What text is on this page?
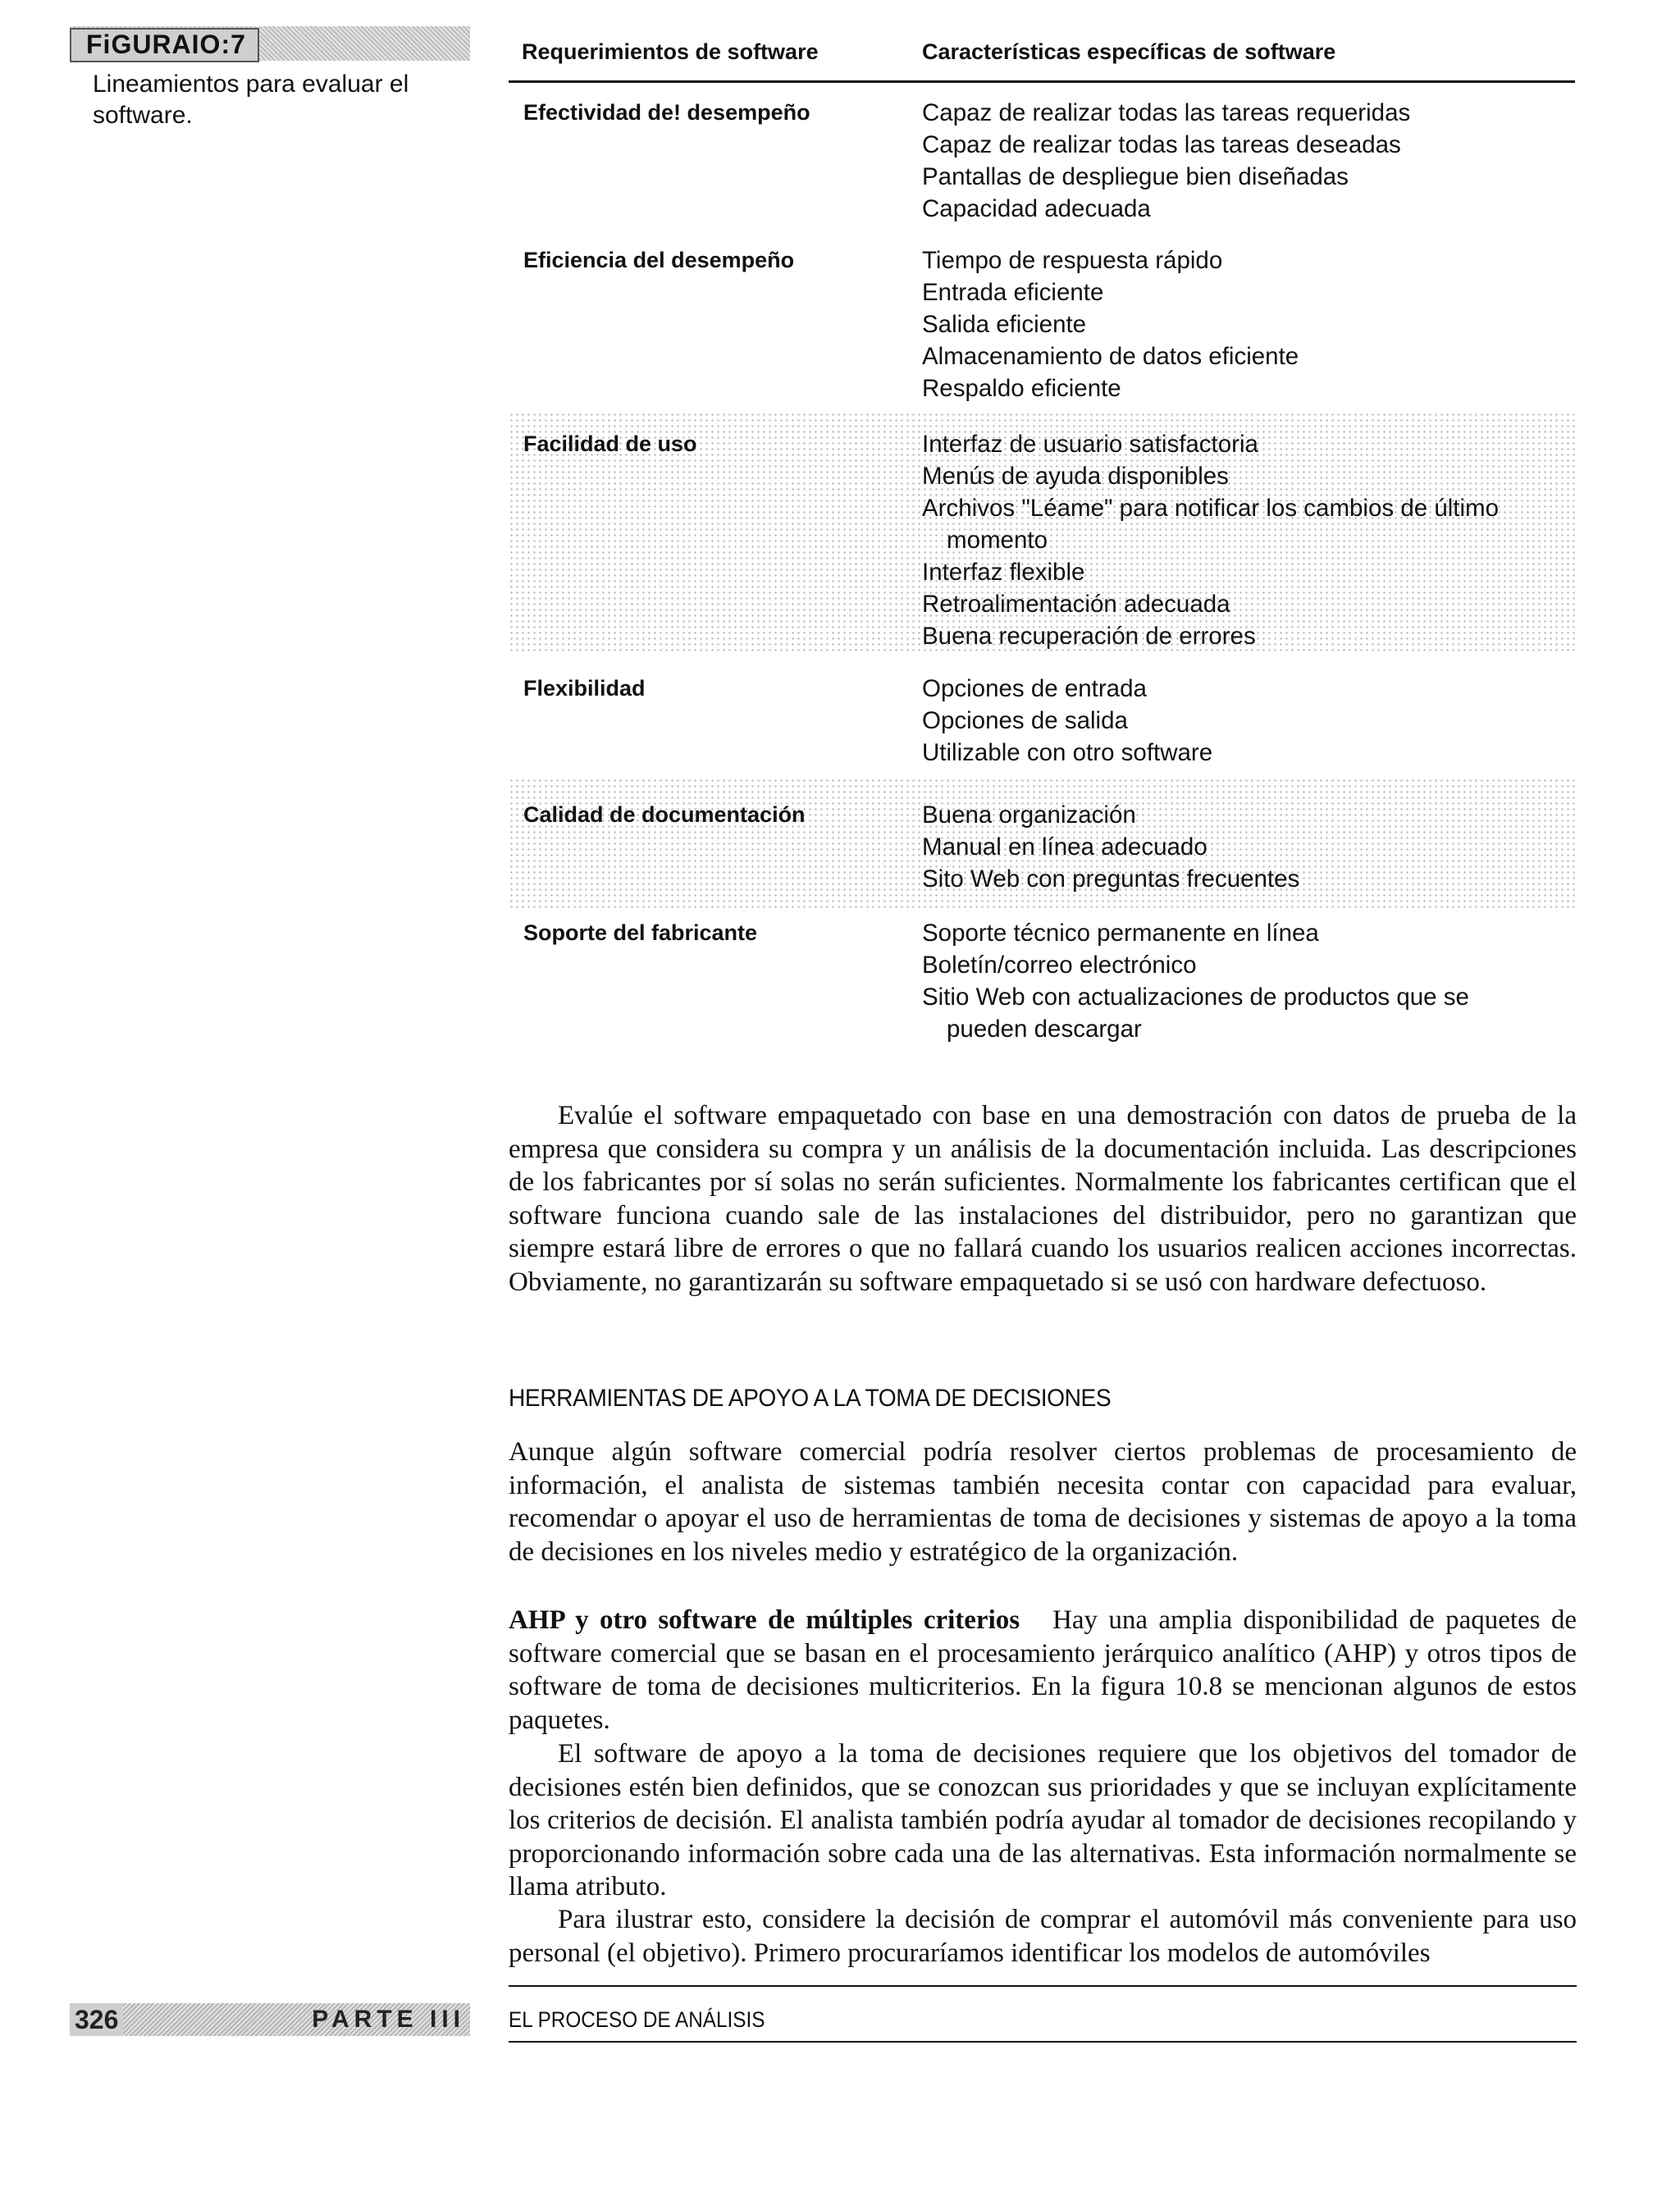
FiGURAIO:7
Lineamientos para evaluar el software.
Requerimientos de software	Características específicas de software
Efectividad de! desempeño	Capaz de realizar todas las tareas requeridas
Capaz de realizar todas las tareas deseadas
Pantallas de despliegue bien diseñadas
Capacidad adecuada
Eficiencia del desempeño	Tiempo de respuesta rápido
Entrada eficiente
Salida eficiente
Almacenamiento de datos eficiente
Respaldo eficiente
Facilidad de uso	Interfaz de usuario satisfactoria
Menús de ayuda disponibles
Archivos "Léame" para notificar los cambios de último
momento
Interfaz flexible
Retroalimentación adecuada
Buena recuperación de errores
Flexibilidad	Opciones de entrada
Opciones de salida
Utilizable con otro software
Calidad de documentación	Buena organización
Manual en línea adecuado
Sito Web con preguntas frecuentes
Soporte del fabricante	Soporte técnico permanente en línea
Boletín/correo electrónico
Sitio Web con actualizaciones de productos que se
pueden descargar

Evalúe el software empaquetado con base en una demostración con datos de prueba de la empresa que considera su compra y un análisis de la documentación incluida. Las descripciones de los fabricantes por sí solas no serán suficientes. Normalmente los fabricantes certifican que el software funciona cuando sale de las instalaciones del distribuidor, pero no garantizan que siempre estará libre de errores o que no fallará cuando los usuarios realicen acciones incorrectas. Obviamente, no garantizarán su software empaquetado si se usó con hardware defectuoso.

HERRAMIENTAS DE APOYO A LA TOMA DE DECISIONES

Aunque algún software comercial podría resolver ciertos problemas de procesamiento de información, el analista de sistemas también necesita contar con capacidad para evaluar, recomendar o apoyar el uso de herramientas de toma de decisiones y sistemas de apoyo a la toma de decisiones en los niveles medio y estratégico de la organización.

AHP y otro software de múltiples criterios Hay una amplia disponibilidad de paquetes de software comercial que se basan en el procesamiento jerárquico analítico (AHP) y otros tipos de software de toma de decisiones multicriterios. En la figura 10.8 se mencionan algunos de estos paquetes.

El software de apoyo a la toma de decisiones requiere que los objetivos del tomador de decisiones estén bien definidos, que se conozcan sus prioridades y que se incluyan explícitamente los criterios de decisión. El analista también podría ayudar al tomador de decisiones recopilando y proporcionando información sobre cada una de las alternativas. Esta información normalmente se llama atributo.

Para ilustrar esto, considere la decisión de comprar el automóvil más conveniente para uso personal (el objetivo). Primero procuraríamos identificar los modelos de automóviles

326	PARTE III EL PROCESO DE ANÁLISIS
